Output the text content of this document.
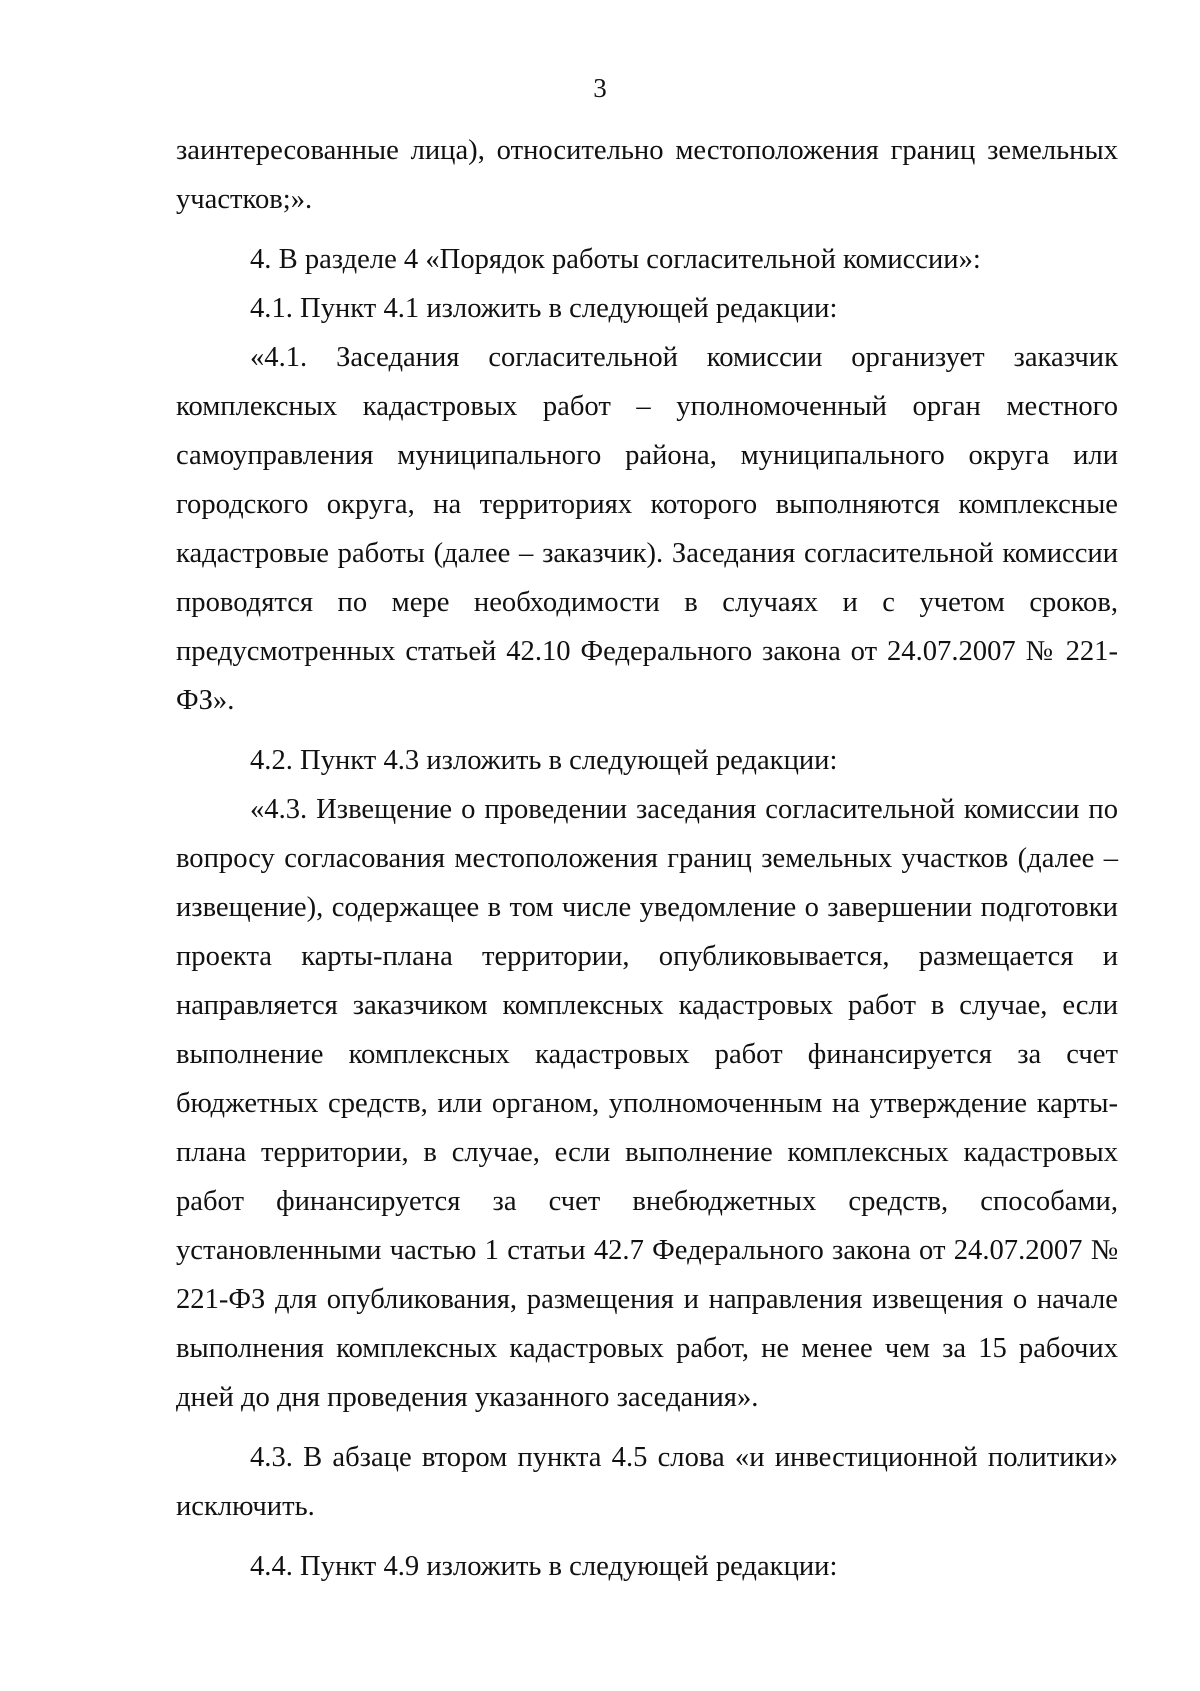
3

заинтересованные лица), относительно местоположения границ земельных участков;».

4. В разделе 4 «Порядок работы согласительной комиссии»:

4.1. Пункт 4.1 изложить в следующей редакции:

«4.1. Заседания согласительной комиссии организует заказчик комплексных кадастровых работ – уполномоченный орган местного самоуправления муниципального района, муниципального округа или городского округа, на территориях которого выполняются комплексные кадастровые работы (далее – заказчик). Заседания согласительной комиссии проводятся по мере необходимости в случаях и с учетом сроков, предусмотренных статьей 42.10 Федерального закона от 24.07.2007 № 221-ФЗ».

4.2. Пункт 4.3 изложить в следующей редакции:

«4.3. Извещение о проведении заседания согласительной комиссии по вопросу согласования местоположения границ земельных участков (далее – извещение), содержащее в том числе уведомление о завершении подготовки проекта карты-плана территории, опубликовывается, размещается и направляется заказчиком комплексных кадастровых работ в случае, если выполнение комплексных кадастровых работ финансируется за счет бюджетных средств, или органом, уполномоченным на утверждение карты-плана территории, в случае, если выполнение комплексных кадастровых работ финансируется за счет внебюджетных средств, способами, установленными частью 1 статьи 42.7 Федерального закона от 24.07.2007 № 221-ФЗ для опубликования, размещения и направления извещения о начале выполнения комплексных кадастровых работ, не менее чем за 15 рабочих дней до дня проведения указанного заседания».

4.3. В абзаце втором пункта 4.5 слова «и инвестиционной политики» исключить.

4.4. Пункт 4.9 изложить в следующей редакции:
